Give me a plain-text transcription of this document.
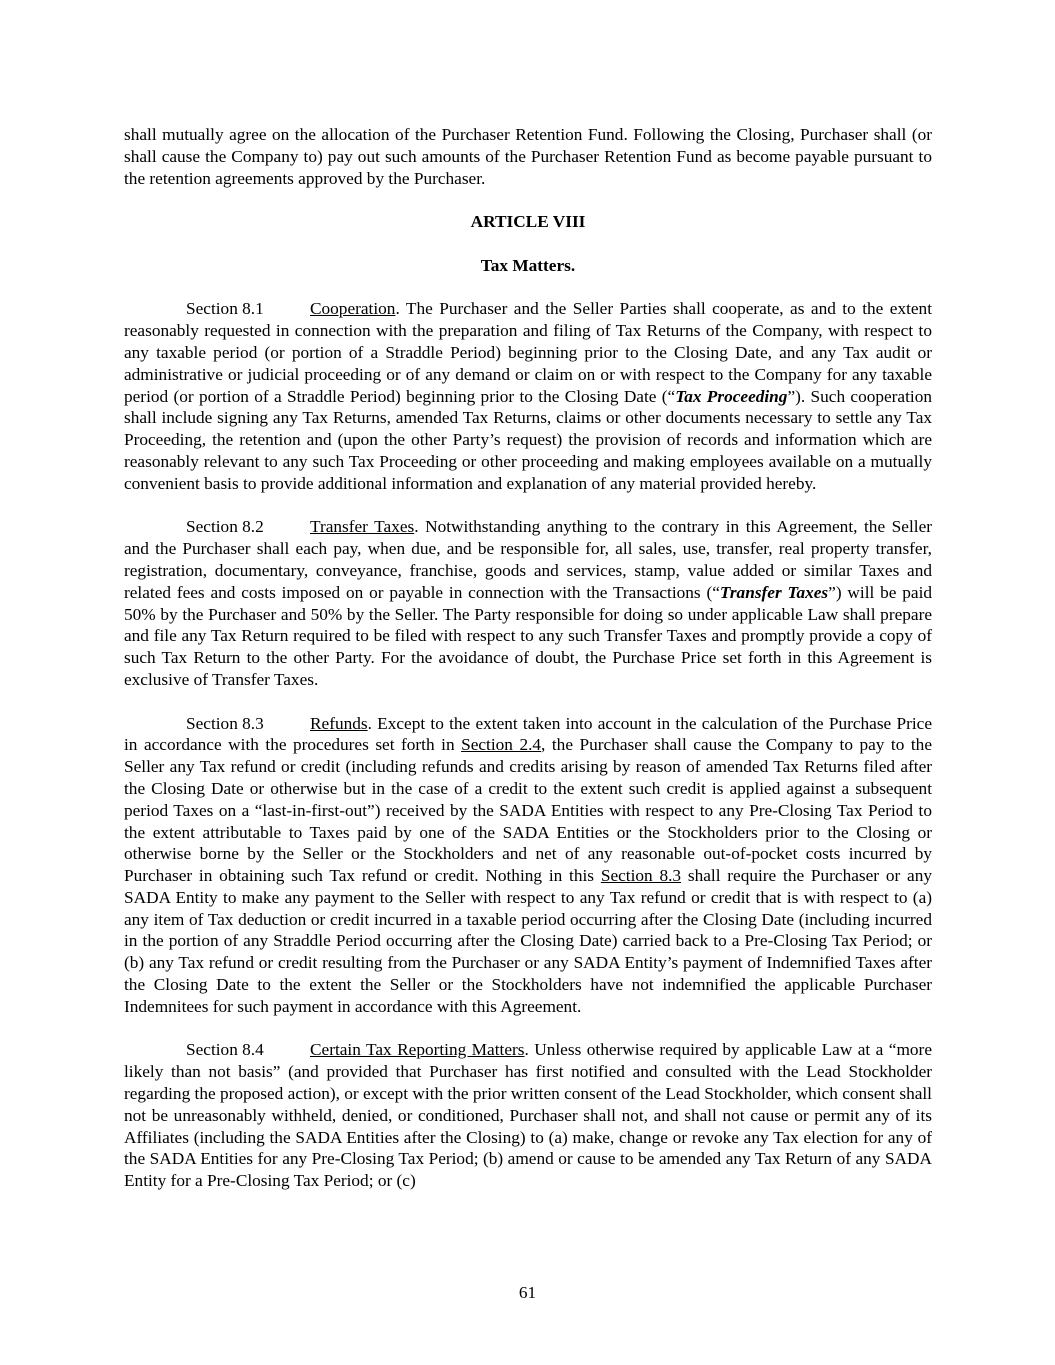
shall mutually agree on the allocation of the Purchaser Retention Fund. Following the Closing, Purchaser shall (or shall cause the Company to) pay out such amounts of the Purchaser Retention Fund as become payable pursuant to the retention agreements approved by the Purchaser.

ARTICLE VIII

Tax Matters.

Section 8.1	Cooperation. The Purchaser and the Seller Parties shall cooperate, as and to the extent reasonably requested in connection with the preparation and filing of Tax Returns of the Company, with respect to any taxable period (or portion of a Straddle Period) beginning prior to the Closing Date, and any Tax audit or administrative or judicial proceeding or of any demand or claim on or with respect to the Company for any taxable period (or portion of a Straddle Period) beginning prior to the Closing Date (“Tax Proceeding”). Such cooperation shall include signing any Tax Returns, amended Tax Returns, claims or other documents necessary to settle any Tax Proceeding, the retention and (upon the other Party’s request) the provision of records and information which are reasonably relevant to any such Tax Proceeding or other proceeding and making employees available on a mutually convenient basis to provide additional information and explanation of any material provided hereby.

Section 8.2	Transfer Taxes. Notwithstanding anything to the contrary in this Agreement, the Seller and the Purchaser shall each pay, when due, and be responsible for, all sales, use, transfer, real property transfer, registration, documentary, conveyance, franchise, goods and services, stamp, value added or similar Taxes and related fees and costs imposed on or payable in connection with the Transactions (“Transfer Taxes”) will be paid 50% by the Purchaser and 50% by the Seller. The Party responsible for doing so under applicable Law shall prepare and file any Tax Return required to be filed with respect to any such Transfer Taxes and promptly provide a copy of such Tax Return to the other Party. For the avoidance of doubt, the Purchase Price set forth in this Agreement is exclusive of Transfer Taxes.

Section 8.3	Refunds. Except to the extent taken into account in the calculation of the Purchase Price in accordance with the procedures set forth in Section 2.4, the Purchaser shall cause the Company to pay to the Seller any Tax refund or credit (including refunds and credits arising by reason of amended Tax Returns filed after the Closing Date or otherwise but in the case of a credit to the extent such credit is applied against a subsequent period Taxes on a “last-in-first-out”) received by the SADA Entities with respect to any Pre-Closing Tax Period to the extent attributable to Taxes paid by one of the SADA Entities or the Stockholders prior to the Closing or otherwise borne by the Seller or the Stockholders and net of any reasonable out-of-pocket costs incurred by Purchaser in obtaining such Tax refund or credit. Nothing in this Section 8.3 shall require the Purchaser or any SADA Entity to make any payment to the Seller with respect to any Tax refund or credit that is with respect to (a) any item of Tax deduction or credit incurred in a taxable period occurring after the Closing Date (including incurred in the portion of any Straddle Period occurring after the Closing Date) carried back to a Pre-Closing Tax Period; or (b) any Tax refund or credit resulting from the Purchaser or any SADA Entity’s payment of Indemnified Taxes after the Closing Date to the extent the Seller or the Stockholders have not indemnified the applicable Purchaser Indemnitees for such payment in accordance with this Agreement.

Section 8.4	Certain Tax Reporting Matters. Unless otherwise required by applicable Law at a “more likely than not basis” (and provided that Purchaser has first notified and consulted with the Lead Stockholder regarding the proposed action), or except with the prior written consent of the Lead Stockholder, which consent shall not be unreasonably withheld, denied, or conditioned, Purchaser shall not, and shall not cause or permit any of its Affiliates (including the SADA Entities after the Closing) to (a) make, change or revoke any Tax election for any of the SADA Entities for any Pre-Closing Tax Period; (b) amend or cause to be amended any Tax Return of any SADA Entity for a Pre-Closing Tax Period; or (c)

61
